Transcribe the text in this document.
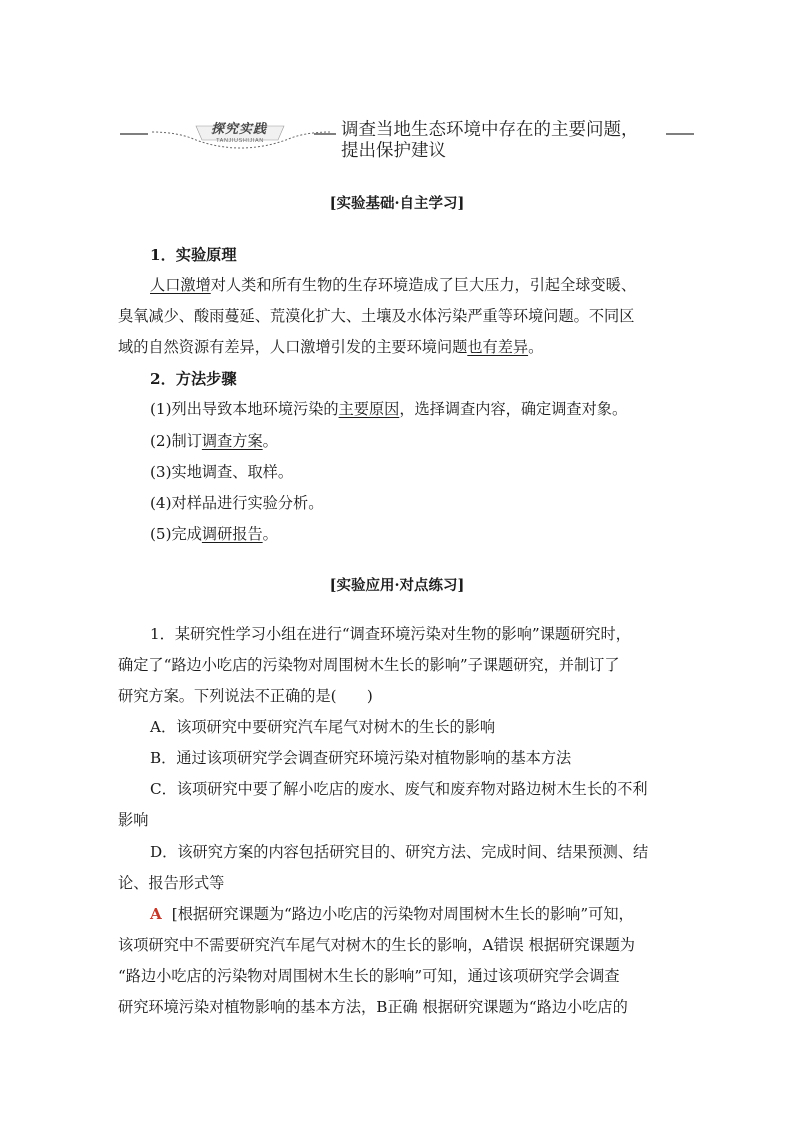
探究实践
TANJIUSHIJIAN
调查当地生态环境中存在的主要问题，
提出保护建议
[实验基础·自主学习]
1．实验原理
人口激增对人类和所有生物的生存环境造成了巨大压力，引起全球变暖、
臭氧减少、酸雨蔓延、荒漠化扩大、土壤及水体污染严重等环境问题。不同区
域的自然资源有差异，人口激增引发的主要环境问题也有差异。
2．方法步骤
(1)列出导致本地环境污染的主要原因，选择调查内容，确定调查对象。
(2)制订调查方案。
(3)实地调查、取样。
(4)对样品进行实验分析。
(5)完成调研报告。
[实验应用·对点练习]
1．某研究性学习小组在进行“调查环境污染对生物的影响”课题研究时，
确定了“路边小吃店的污染物对周围树木生长的影响”子课题研究，并制订了
研究方案。下列说法不正确的是(　　)
A．该项研究中要研究汽车尾气对树木的生长的影响
B．通过该项研究学会调查研究环境污染对植物影响的基本方法
C．该项研究中要了解小吃店的废水、废气和废弃物对路边树木生长的不利
影响
D．该研究方案的内容包括研究目的、研究方法、完成时间、结果预测、结
论、报告形式等
A [根据研究课题为“路边小吃店的污染物对周围树木生长的影响”可知，
该项研究中不需要研究汽车尾气对树木的生长的影响，A错误 根据研究课题为
“路边小吃店的污染物对周围树木生长的影响”可知，通过该项研究学会调查
研究环境污染对植物影响的基本方法，B正确 根据研究课题为“路边小吃店的
